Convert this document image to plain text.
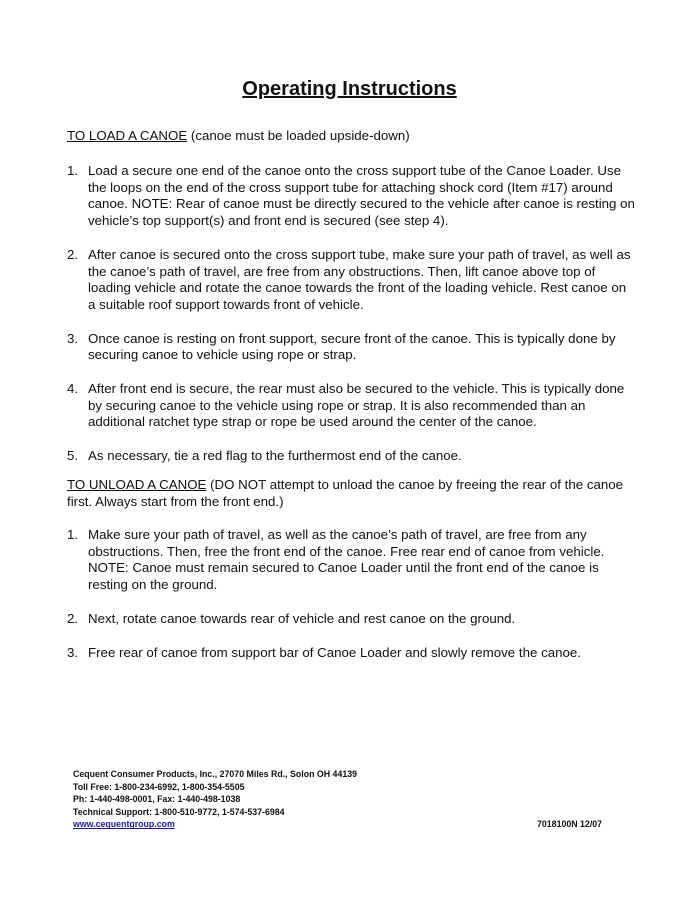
Operating Instructions

TO LOAD A CANOE (canoe must be loaded upside-down)

1. Load a secure one end of the canoe onto the cross support tube of the Canoe Loader. Use the loops on the end of the cross support tube for attaching shock cord (Item #17) around canoe. NOTE: Rear of canoe must be directly secured to the vehicle after canoe is resting on vehicle’s top support(s) and front end is secured (see step 4).
2. After canoe is secured onto the cross support tube, make sure your path of travel, as well as the canoe’s path of travel, are free from any obstructions. Then, lift canoe above top of loading vehicle and rotate the canoe towards the front of the loading vehicle. Rest canoe on a suitable roof support towards front of vehicle.
3. Once canoe is resting on front support, secure front of the canoe. This is typically done by securing canoe to vehicle using rope or strap.
4. After front end is secure, the rear must also be secured to the vehicle. This is typically done by securing canoe to the vehicle using rope or strap. It is also recommended than an additional ratchet type strap or rope be used around the center of the canoe.
5. As necessary, tie a red flag to the furthermost end of the canoe.

TO UNLOAD A CANOE (DO NOT attempt to unload the canoe by freeing the rear of the canoe first. Always start from the front end.)

1. Make sure your path of travel, as well as the canoe’s path of travel, are free from any obstructions. Then, free the front end of the canoe. Free rear end of canoe from vehicle. NOTE: Canoe must remain secured to Canoe Loader until the front end of the canoe is resting on the ground.
2. Next, rotate canoe towards rear of vehicle and rest canoe on the ground.
3. Free rear of canoe from support bar of Canoe Loader and slowly remove the canoe.
Cequent Consumer Products, Inc., 27070 Miles Rd., Solon OH 44139
Toll Free: 1-800-234-6992, 1-800-354-5505
Ph: 1-440-498-0001, Fax: 1-440-498-1038
Technical Support: 1-800-510-9772, 1-574-537-6984
www.cequentgroup.com	7018100N 12/07
